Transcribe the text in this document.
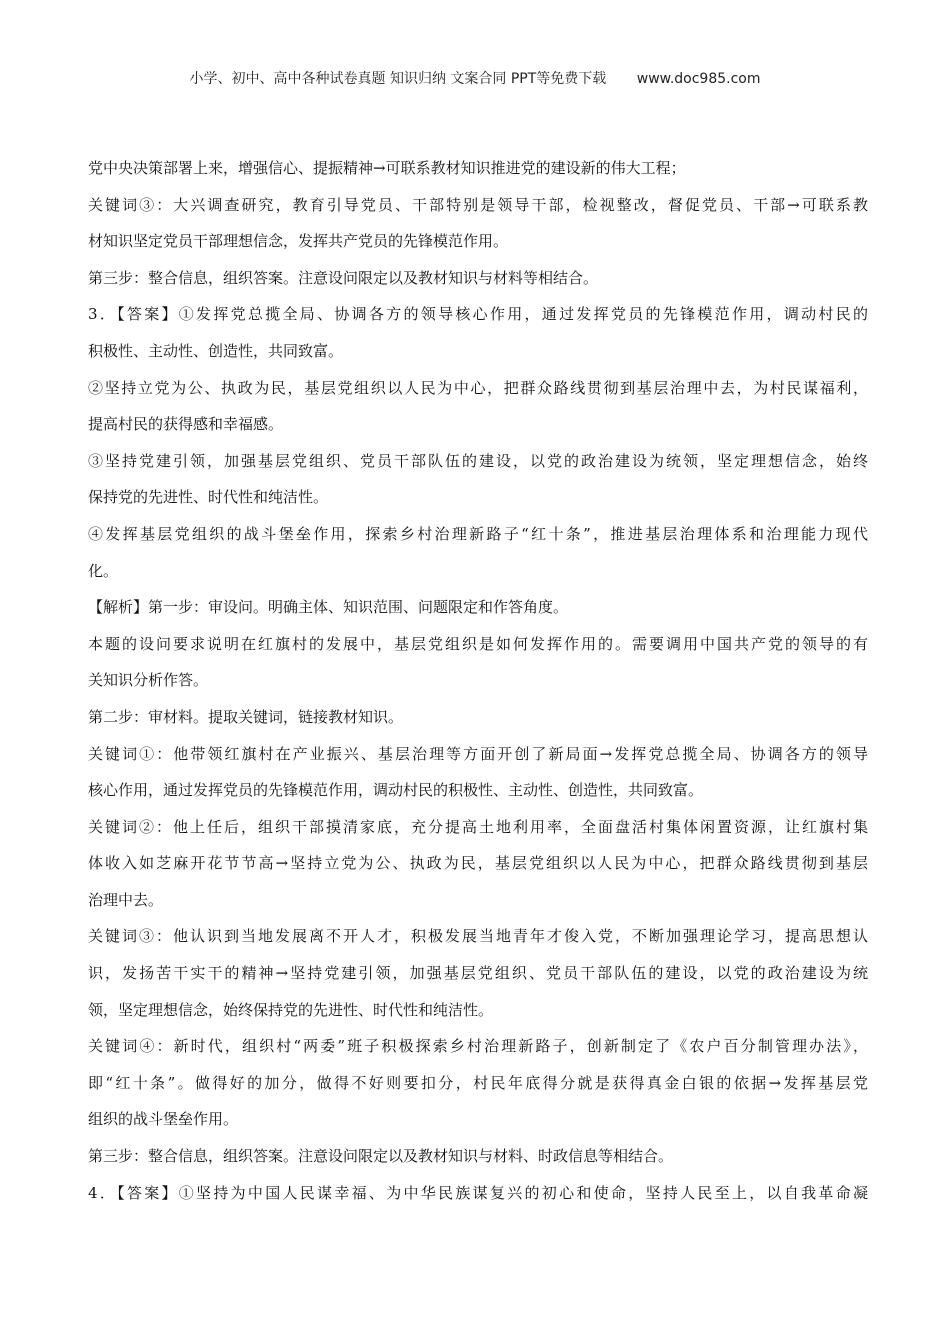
小学、初中、高中各种试卷真题 知识归纳 文案合同 PPT等免费下载 www.doc985.com
党中央决策部署上来，增强信心、提振精神→可联系教材知识推进党的建设新的伟大工程；
关键词③：大兴调查研究，教育引导党员、干部特别是领导干部，检视整改，督促党员、干部→可联系教
材知识坚定党员干部理想信念，发挥共产党员的先锋模范作用。
第三步：整合信息，组织答案。注意设问限定以及教材知识与材料等相结合。
3．【答案】①发挥党总揽全局、协调各方的领导核心作用，通过发挥党员的先锋模范作用，调动村民的
积极性、主动性、创造性，共同致富。
②坚持立党为公、执政为民，基层党组织以人民为中心，把群众路线贯彻到基层治理中去，为村民谋福利，
提高村民的获得感和幸福感。
③坚持党建引领，加强基层党组织、党员干部队伍的建设，以党的政治建设为统领，坚定理想信念，始终
保持党的先进性、时代性和纯洁性。
④发挥基层党组织的战斗堡垒作用，探索乡村治理新路子“红十条”，推进基层治理体系和治理能力现代
化。
【解析】第一步：审设问。明确主体、知识范围、问题限定和作答角度。
本题的设问要求说明在红旗村的发展中，基层党组织是如何发挥作用的。需要调用中国共产党的领导的有
关知识分析作答。
第二步：审材料。提取关键词，链接教材知识。
关键词①：他带领红旗村在产业振兴、基层治理等方面开创了新局面→发挥党总揽全局、协调各方的领导
核心作用，通过发挥党员的先锋模范作用，调动村民的积极性、主动性、创造性，共同致富。
关键词②：他上任后，组织干部摸清家底，充分提高土地利用率，全面盘活村集体闲置资源，让红旗村集
体收入如芝麻开花节节高→坚持立党为公、执政为民，基层党组织以人民为中心，把群众路线贯彻到基层
治理中去。
关键词③：他认识到当地发展离不开人才，积极发展当地青年才俊入党，不断加强理论学习，提高思想认
识，发扬苦干实干的精神→坚持党建引领，加强基层党组织、党员干部队伍的建设，以党的政治建设为统
领，坚定理想信念，始终保持党的先进性、时代性和纯洁性。
关键词④：新时代，组织村“两委”班子积极探索乡村治理新路子，创新制定了《农户百分制管理办法》，
即“红十条”。做得好的加分，做得不好则要扣分，村民年底得分就是获得真金白银的依据→发挥基层党
组织的战斗堡垒作用。
第三步：整合信息，组织答案。注意设问限定以及教材知识与材料、时政信息等相结合。
4．【答案】①坚持为中国人民谋幸福、为中华民族谋复兴的初心和使命，坚持人民至上，以自我革命凝
